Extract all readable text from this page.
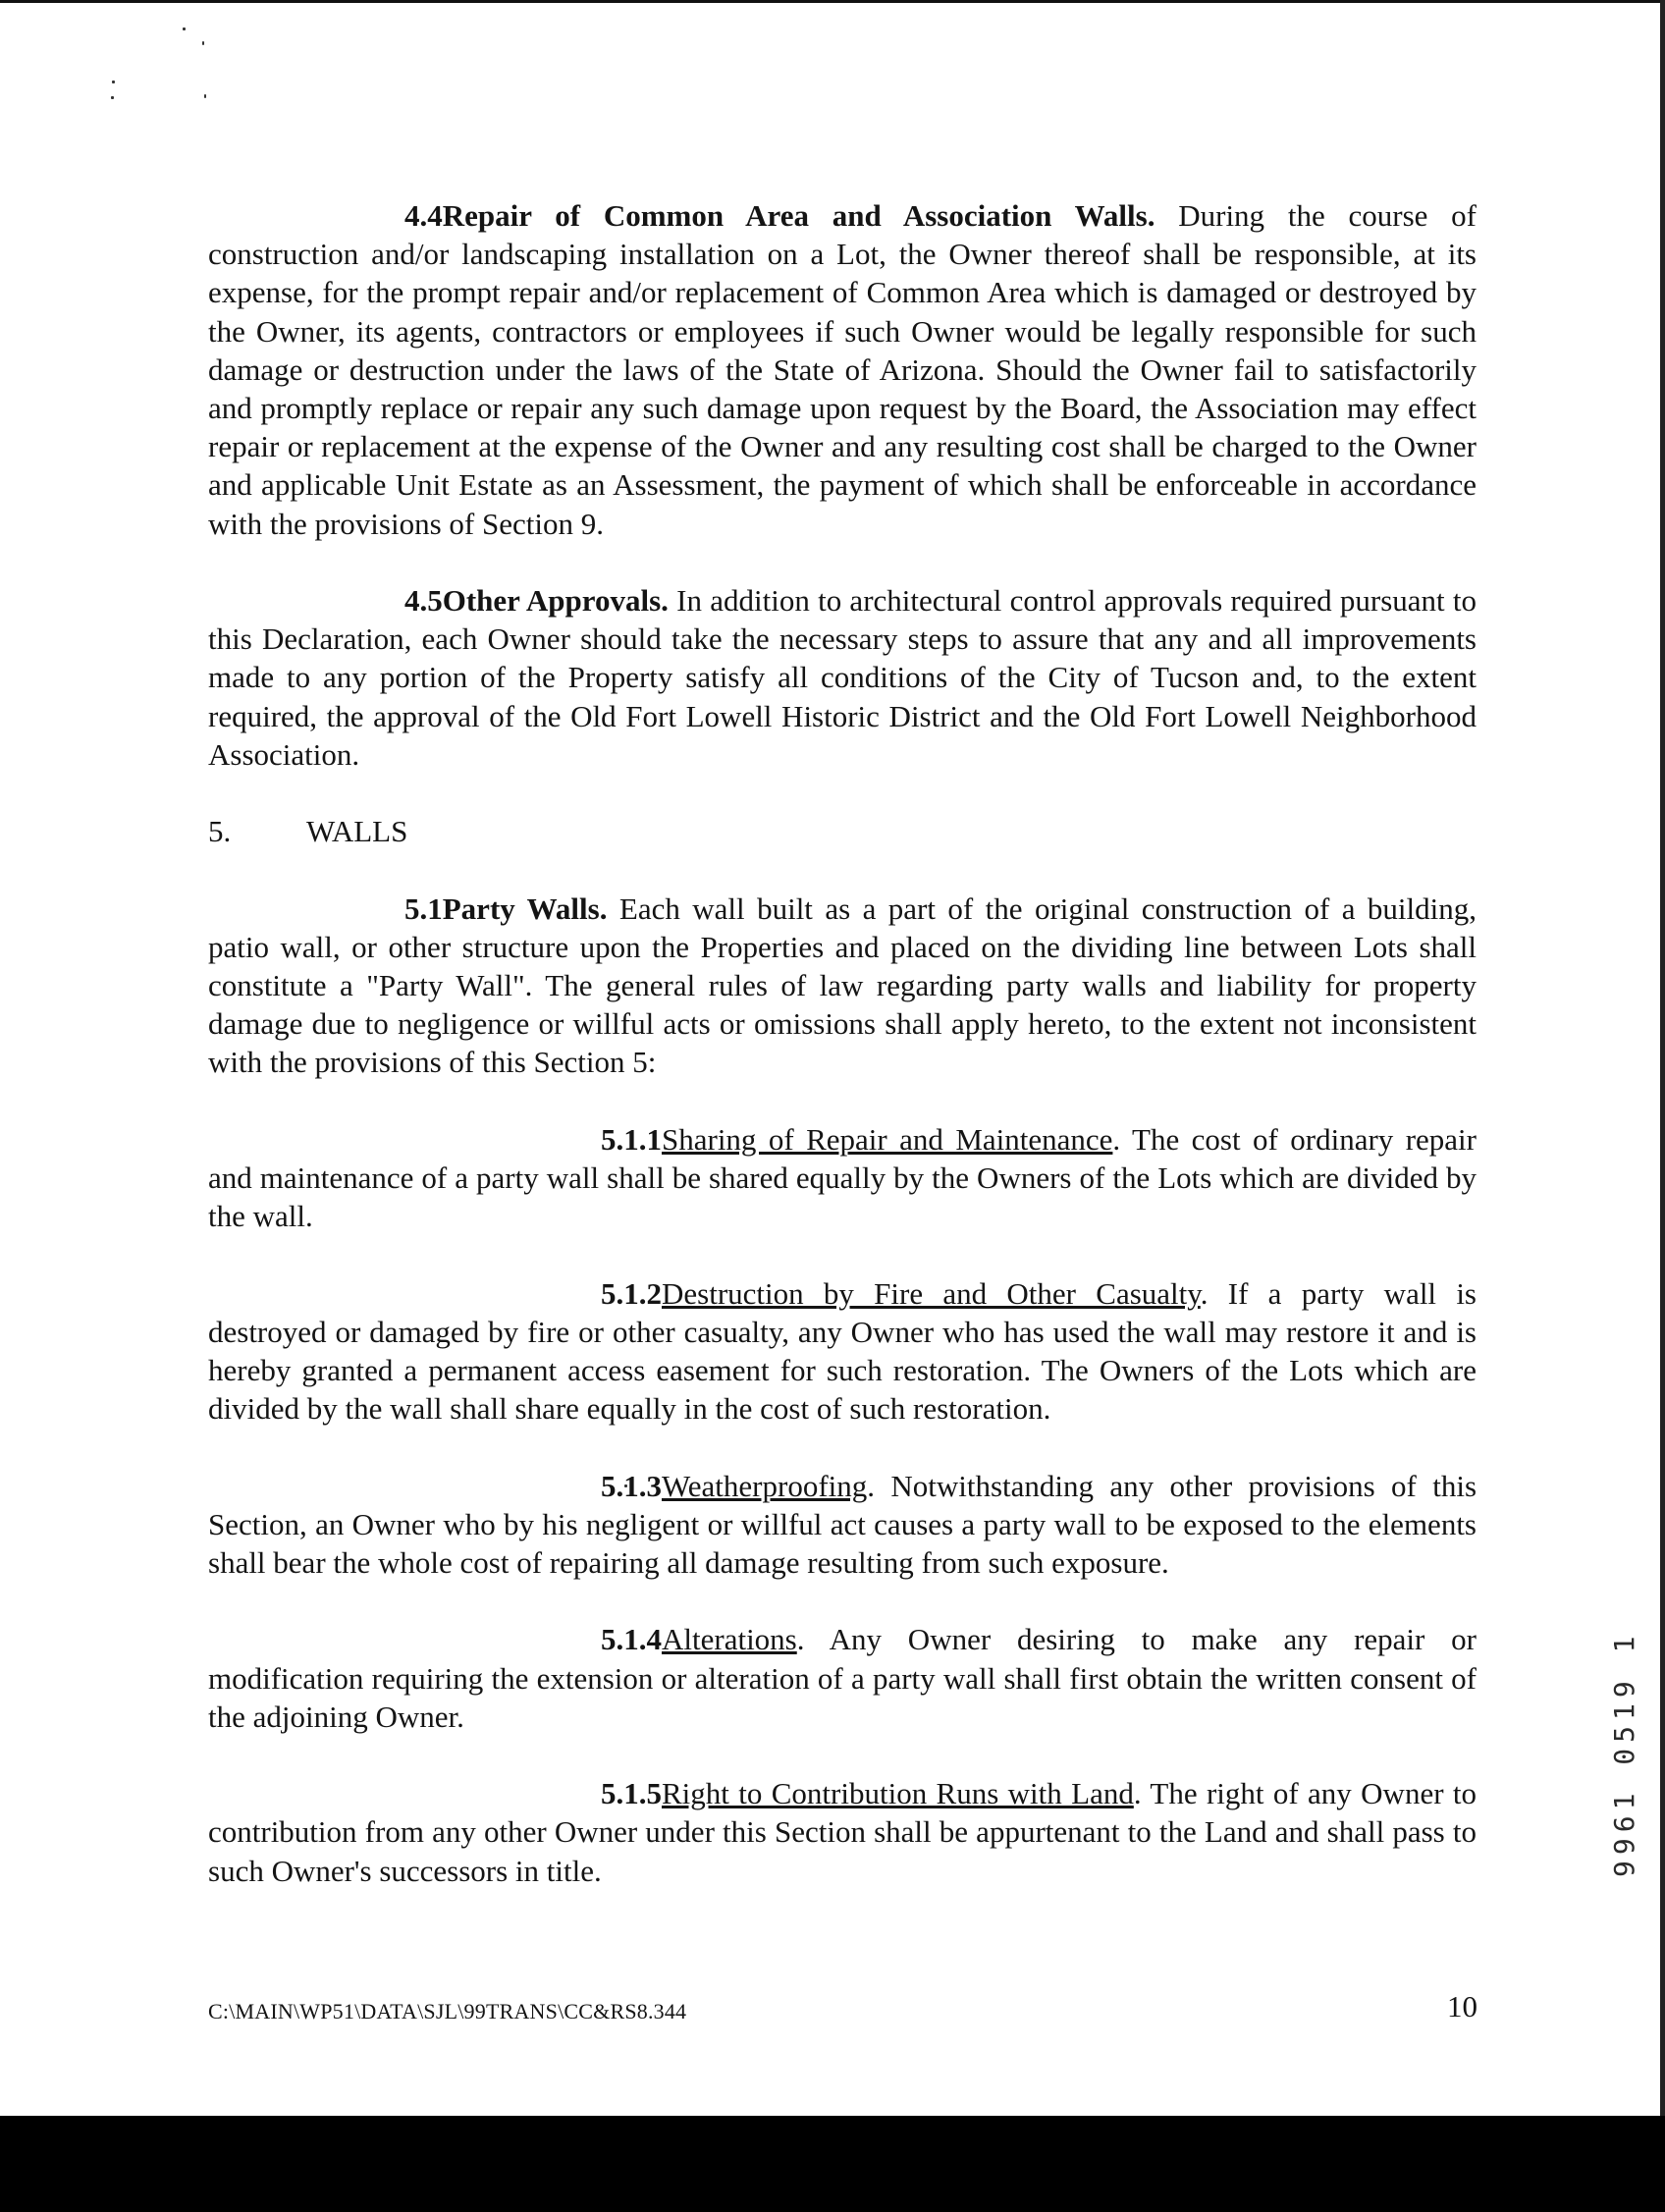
4.4Repair of Common Area and Association Walls. During the course of construction and/or landscaping installation on a Lot, the Owner thereof shall be responsible, at its expense, for the prompt repair and/or replacement of Common Area which is damaged or destroyed by the Owner, its agents, contractors or employees if such Owner would be legally responsible for such damage or destruction under the laws of the State of Arizona. Should the Owner fail to satisfactorily and promptly replace or repair any such damage upon request by the Board, the Association may effect repair or replacement at the expense of the Owner and any resulting cost shall be charged to the Owner and applicable Unit Estate as an Assessment, the payment of which shall be enforceable in accordance with the provisions of Section 9.

4.5Other Approvals. In addition to architectural control approvals required pursuant to this Declaration, each Owner should take the necessary steps to assure that any and all improvements made to any portion of the Property satisfy all conditions of the City of Tucson and, to the extent required, the approval of the Old Fort Lowell Historic District and the Old Fort Lowell Neighborhood Association.

5. WALLS

5.1Party Walls. Each wall built as a part of the original construction of a building, patio wall, or other structure upon the Properties and placed on the dividing line between Lots shall constitute a "Party Wall". The general rules of law regarding party walls and liability for property damage due to negligence or willful acts or omissions shall apply hereto, to the extent not inconsistent with the provisions of this Section 5:

5.1.1Sharing of Repair and Maintenance. The cost of ordinary repair and maintenance of a party wall shall be shared equally by the Owners of the Lots which are divided by the wall.

5.1.2Destruction by Fire and Other Casualty. If a party wall is destroyed or damaged by fire or other casualty, any Owner who has used the wall may restore it and is hereby granted a permanent access easement for such restoration. The Owners of the Lots which are divided by the wall shall share equally in the cost of such restoration.

5.1.3Weatherproofing. Notwithstanding any other provisions of this Section, an Owner who by his negligent or willful act causes a party wall to be exposed to the elements shall bear the whole cost of repairing all damage resulting from such exposure.

5.1.4Alterations. Any Owner desiring to make any repair or modification requiring the extension or alteration of a party wall shall first obtain the written consent of the adjoining Owner.

5.1.5Right to Contribution Runs with Land. The right of any Owner to contribution from any other Owner under this Section shall be appurtenant to the Land and shall pass to such Owner's successors in title.

C:\MAIN\WP51\DATA\SJL\99TRANS\CC&RS8.344	10
9961 0519 1
